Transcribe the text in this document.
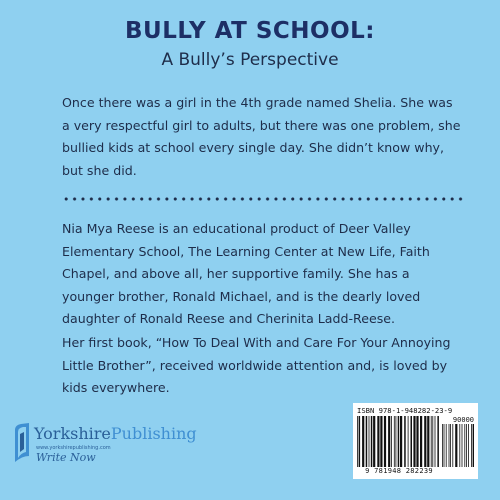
BULLY AT SCHOOL:
A Bully’s Perspective

Once there was a girl in the 4th grade named Shelia. She was a very respectful girl to adults, but there was one problem, she bullied kids at school every single day. She didn’t know why, but she did.

Nia Mya Reese is an educational product of Deer Valley Elementary School, The Learning Center at New Life, Faith Chapel, and above all, her supportive family. She has a younger brother, Ronald Michael, and is the dearly loved daughter of Ronald Reese and Cherinita Ladd-Reese.

Her first book, “How To Deal With and Care For Your Annoying Little Brother”, received worldwide attention and, is loved by kids everywhere.

YorkshirePublishing
www.yorkshirepublishing.com
Write Now
ISBN 978-1-948282-23-9
90000
9 781948 282239
